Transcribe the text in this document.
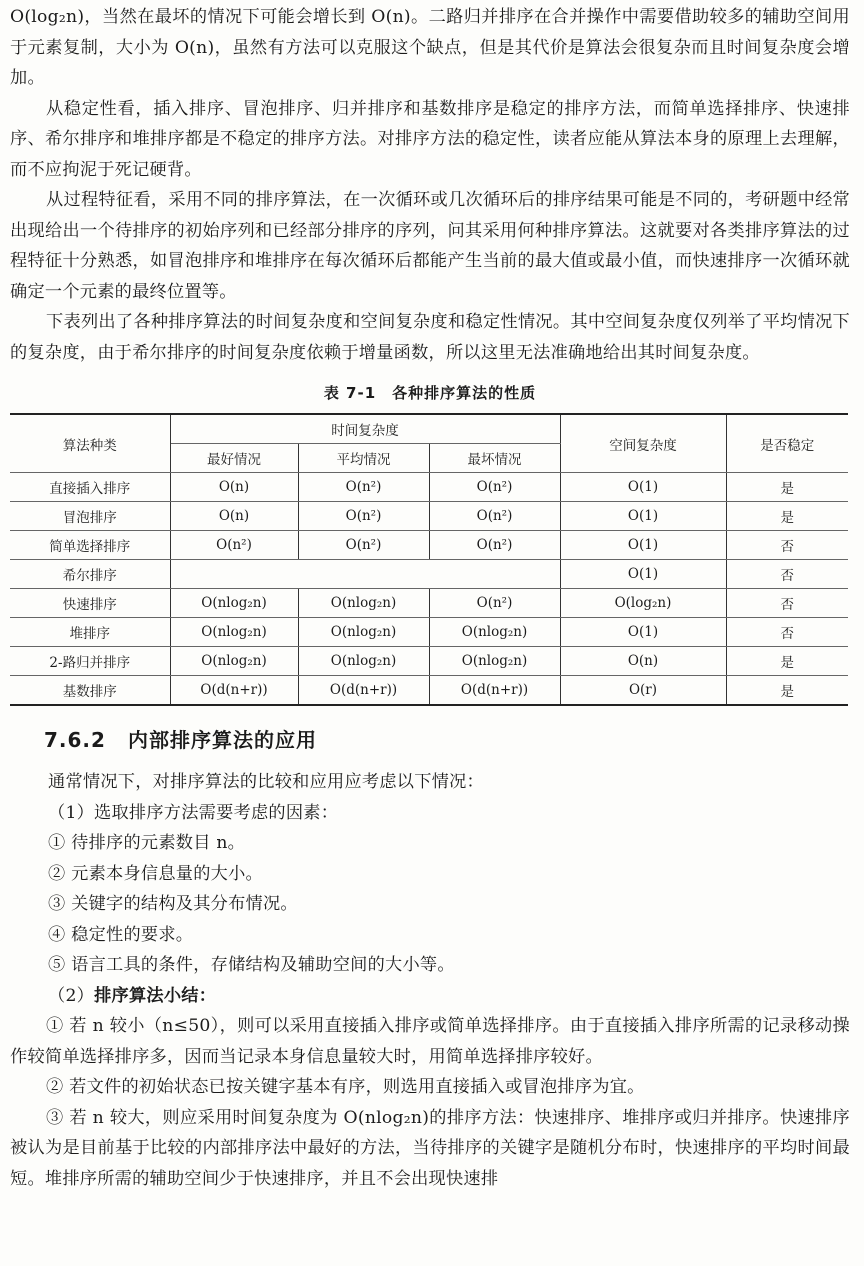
O(log₂n)，当然在最坏的情况下可能会增长到 O(n)。二路归并排序在合并操作中需要借助较多的辅助空间用于元素复制，大小为 O(n)，虽然有方法可以克服这个缺点，但是其代价是算法会很复杂而且时间复杂度会增加。

从稳定性看，插入排序、冒泡排序、归并排序和基数排序是稳定的排序方法，而简单选择排序、快速排序、希尔排序和堆排序都是不稳定的排序方法。对排序方法的稳定性，读者应能从算法本身的原理上去理解，而不应拘泥于死记硬背。

从过程特征看，采用不同的排序算法，在一次循环或几次循环后的排序结果可能是不同的，考研题中经常出现给出一个待排序的初始序列和已经部分排序的序列，问其采用何种排序算法。这就要对各类排序算法的过程特征十分熟悉，如冒泡排序和堆排序在每次循环后都能产生当前的最大值或最小值，而快速排序一次循环就确定一个元素的最终位置等。

下表列出了各种排序算法的时间复杂度和空间复杂度和稳定性情况。其中空间复杂度仅列举了平均情况下的复杂度，由于希尔排序的时间复杂度依赖于增量函数，所以这里无法准确地给出其时间复杂度。

表 7-1　各种排序算法的性质
算法种类	时间复杂度			空间复杂度	是否稳定
	最好情况	平均情况	最坏情况		
直接插入排序	O(n)	O(n²)	O(n²)	O(1)	是
冒泡排序	O(n)	O(n²)	O(n²)	O(1)	是
简单选择排序	O(n²)	O(n²)	O(n²)	O(1)	否
希尔排序				O(1)	否
快速排序	O(nlog₂n)	O(nlog₂n)	O(n²)	O(log₂n)	否
堆排序	O(nlog₂n)	O(nlog₂n)	O(nlog₂n)	O(1)	否
2-路归并排序	O(nlog₂n)	O(nlog₂n)	O(nlog₂n)	O(n)	是
基数排序	O(d(n+r))	O(d(n+r))	O(d(n+r))	O(r)	是
7.6.2 内部排序算法的应用

通常情况下，对排序算法的比较和应用应考虑以下情况：

（1）选取排序方法需要考虑的因素：

① 待排序的元素数目 n。

② 元素本身信息量的大小。

③ 关键字的结构及其分布情况。

④ 稳定性的要求。

⑤ 语言工具的条件，存储结构及辅助空间的大小等。

（2）排序算法小结：

① 若 n 较小（n≤50），则可以采用直接插入排序或简单选择排序。由于直接插入排序所需的记录移动操作较简单选择排序多，因而当记录本身信息量较大时，用简单选择排序较好。

② 若文件的初始状态已按关键字基本有序，则选用直接插入或冒泡排序为宜。

③ 若 n 较大，则应采用时间复杂度为 O(nlog₂n)的排序方法：快速排序、堆排序或归并排序。快速排序被认为是目前基于比较的内部排序法中最好的方法，当待排序的关键字是随机分布时，快速排序的平均时间最短。堆排序所需的辅助空间少于快速排序，并且不会出现快速排
